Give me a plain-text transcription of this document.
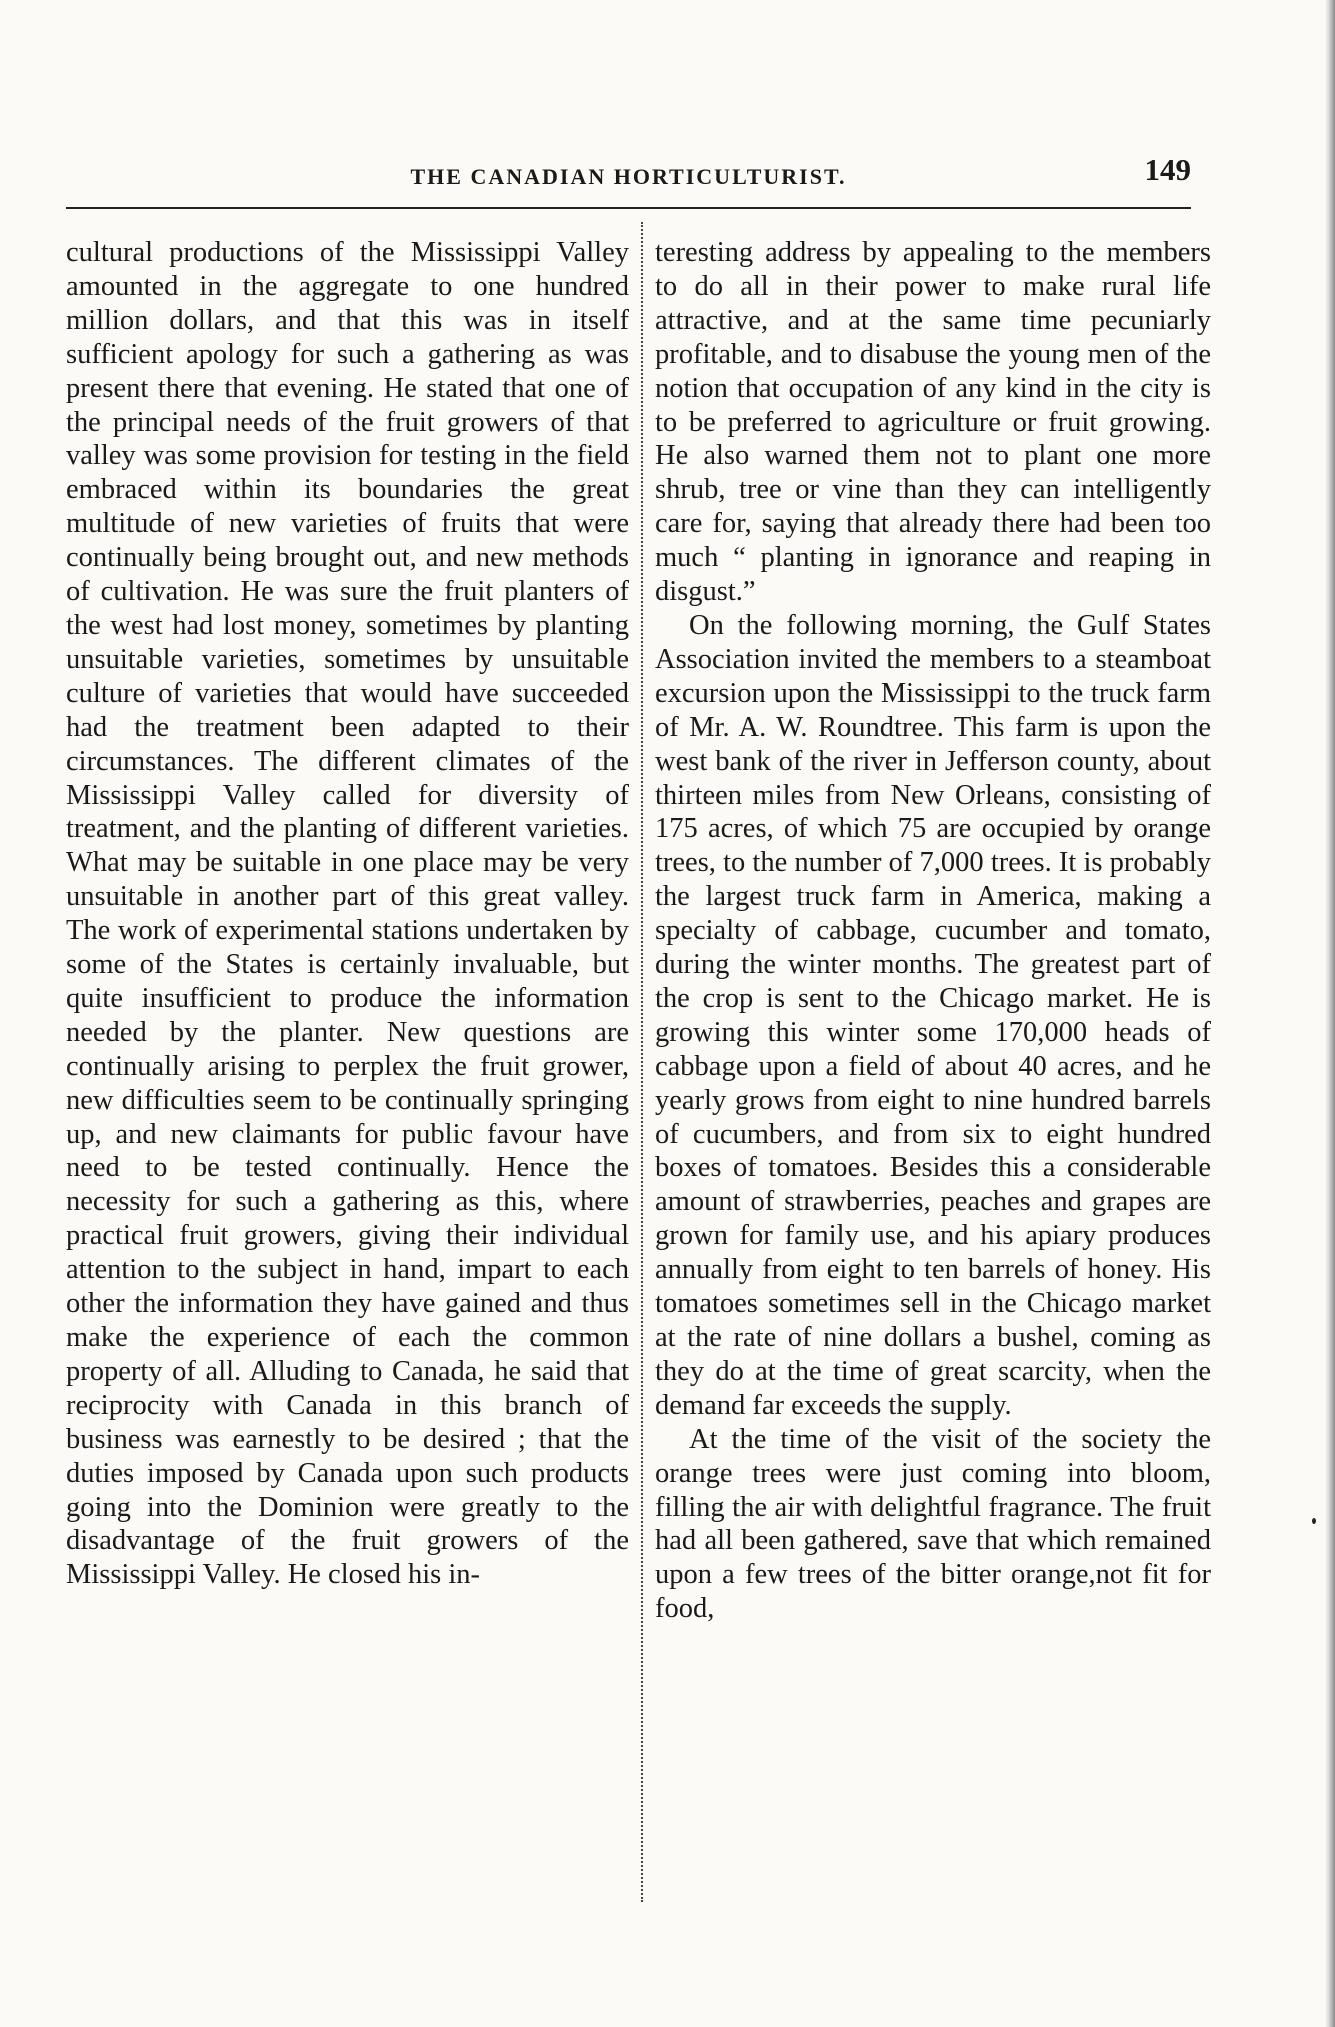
THE CANADIAN HORTICULTURIST.	149

cultural productions of the Mississippi Valley amounted in the aggregate to one hundred million dollars, and that this was in itself sufficient apology for such a gathering as was present there that evening. He stated that one of the principal needs of the fruit growers of that valley was some provision for testing in the field embraced within its boundaries the great multitude of new varieties of fruits that were continually being brought out, and new methods of cultivation. He was sure the fruit planters of the west had lost money, sometimes by planting unsuitable varieties, sometimes by unsuitable culture of varieties that would have succeeded had the treatment been adapted to their circumstances. The different climates of the Mississippi Valley called for diversity of treatment, and the planting of different varieties. What may be suitable in one place may be very unsuitable in another part of this great valley. The work of experimental stations undertaken by some of the States is certainly invaluable, but quite insufficient to produce the information needed by the planter. New questions are continually arising to perplex the fruit grower, new difficulties seem to be continually springing up, and new claimants for public favour have need to be tested continually. Hence the necessity for such a gathering as this, where practical fruit growers, giving their individual attention to the subject in hand, impart to each other the information they have gained and thus make the experience of each the common property of all. Alluding to Canada, he said that reciprocity with Canada in this branch of business was earnestly to be desired ; that the duties imposed by Canada upon such products going into the Dominion were greatly to the disadvantage of the fruit growers of the Mississippi Valley. He closed his in-

teresting address by appealing to the members to do all in their power to make rural life attractive, and at the same time pecuniarly profitable, and to disabuse the young men of the notion that occupation of any kind in the city is to be preferred to agriculture or fruit growing. He also warned them not to plant one more shrub, tree or vine than they can intelligently care for, saying that already there had been too much “ planting in ignorance and reaping in disgust.”

On the following morning, the Gulf States Association invited the members to a steamboat excursion upon the Mississippi to the truck farm of Mr. A. W. Roundtree. This farm is upon the west bank of the river in Jefferson county, about thirteen miles from New Orleans, consisting of 175 acres, of which 75 are occupied by orange trees, to the number of 7,000 trees. It is probably the largest truck farm in America, making a specialty of cabbage, cucumber and tomato, during the winter months. The greatest part of the crop is sent to the Chicago market. He is growing this winter some 170,000 heads of cabbage upon a field of about 40 acres, and he yearly grows from eight to nine hundred barrels of cucumbers, and from six to eight hundred boxes of tomatoes. Besides this a considerable amount of strawberries, peaches and grapes are grown for family use, and his apiary produces annually from eight to ten barrels of honey. His tomatoes sometimes sell in the Chicago market at the rate of nine dollars a bushel, coming as they do at the time of great scarcity, when the demand far exceeds the supply.

At the time of the visit of the society the orange trees were just coming into bloom, filling the air with delightful fragrance. The fruit had all been gathered, save that which remained upon a few trees of the bitter orange,not fit for food,
